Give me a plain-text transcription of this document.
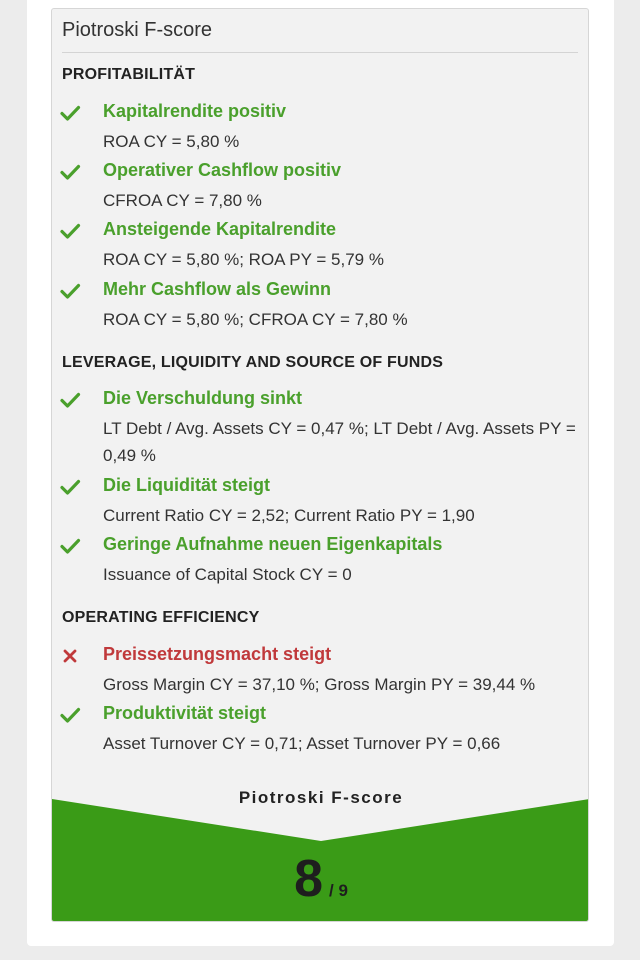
Piotroski F-score
PROFITABILITÄT
Kapitalrendite positiv
ROA CY = 5,80 %
Operativer Cashflow positiv
CFROA CY = 7,80 %
Ansteigende Kapitalrendite
ROA CY = 5,80 %; ROA PY = 5,79 %
Mehr Cashflow als Gewinn
ROA CY = 5,80 %; CFROA CY = 7,80 %
LEVERAGE, LIQUIDITY AND SOURCE OF FUNDS
Die Verschuldung sinkt
LT Debt / Avg. Assets CY = 0,47 %; LT Debt / Avg. Assets PY = 0,49 %
Die Liquidität steigt
Current Ratio CY = 2,52; Current Ratio PY = 1,90
Geringe Aufnahme neuen Eigenkapitals
Issuance of Capital Stock CY = 0
OPERATING EFFICIENCY
Preissetzungsmacht steigt
Gross Margin CY = 37,10 %; Gross Margin PY = 39,44 %
Produktivität steigt
Asset Turnover CY = 0,71; Asset Turnover PY = 0,66
Piotroski F-score
8 / 9
